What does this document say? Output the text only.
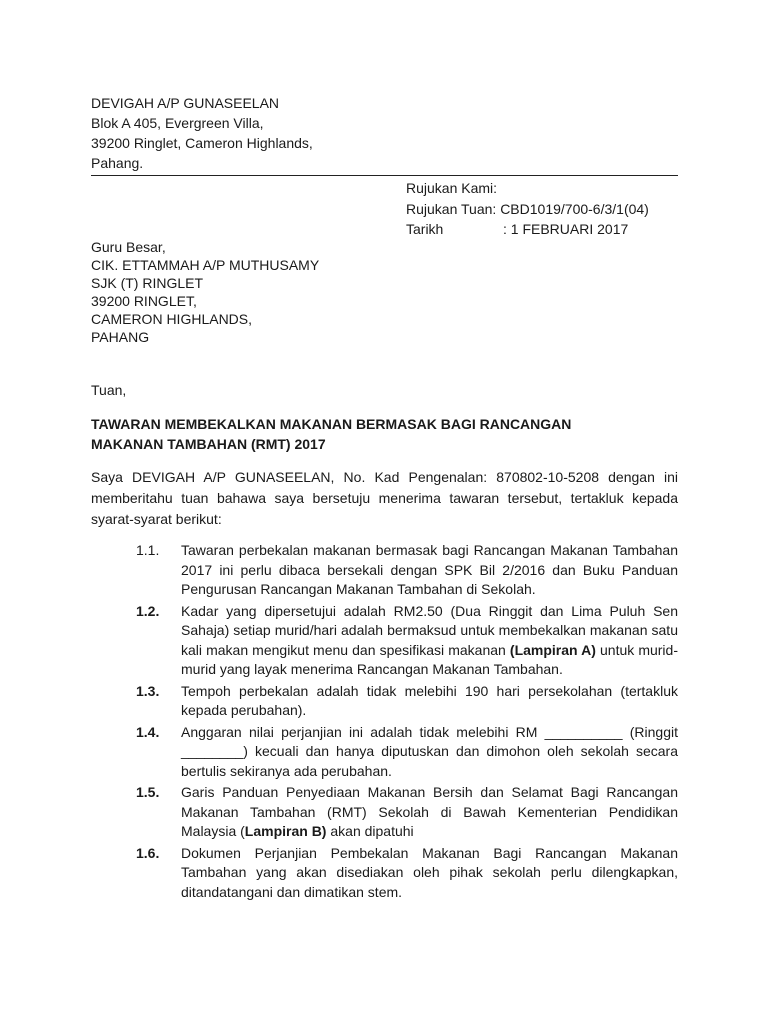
DEVIGAH A/P GUNASEELAN
Blok A 405, Evergreen Villa,
39200 Ringlet, Cameron Highlands,
Pahang.
Rujukan Kami:
Rujukan Tuan: CBD1019/700-6/3/1(04)
Tarikh	: 1 FEBRUARI 2017
Guru Besar,
CIK. ETTAMMAH A/P MUTHUSAMY
SJK (T) RINGLET
39200 RINGLET,
CAMERON HIGHLANDS,
PAHANG
Tuan,
TAWARAN MEMBEKALKAN MAKANAN BERMASAK BAGI RANCANGAN
MAKANAN TAMBAHAN (RMT) 2017
Saya DEVIGAH A/P GUNASEELAN, No. Kad Pengenalan: 870802-10-5208 dengan ini memberitahu tuan bahawa saya bersetuju menerima tawaran tersebut, tertakluk kepada syarat-syarat berikut:
1.1. Tawaran perbekalan makanan bermasak bagi Rancangan Makanan Tambahan 2017 ini perlu dibaca bersekali dengan SPK Bil 2/2016 dan Buku Panduan Pengurusan Rancangan Makanan Tambahan di Sekolah.
1.2. Kadar yang dipersetujui adalah RM2.50 (Dua Ringgit dan Lima Puluh Sen Sahaja) setiap murid/hari adalah bermaksud untuk membekalkan makanan satu kali makan mengikut menu dan spesifikasi makanan (Lampiran A) untuk murid-murid yang layak menerima Rancangan Makanan Tambahan.
1.3. Tempoh perbekalan adalah tidak melebihi 190 hari persekolahan (tertakluk kepada perubahan).
1.4. Anggaran nilai perjanjian ini adalah tidak melebihi RM __________ (Ringgit ________) kecuali dan hanya diputuskan dan dimohon oleh sekolah secara bertulis sekiranya ada perubahan.
1.5. Garis Panduan Penyediaan Makanan Bersih dan Selamat Bagi Rancangan Makanan Tambahan (RMT) Sekolah di Bawah Kementerian Pendidikan Malaysia (Lampiran B) akan dipatuhi
1.6. Dokumen Perjanjian Pembekalan Makanan Bagi Rancangan Makanan Tambahan yang akan disediakan oleh pihak sekolah perlu dilengkapkan, ditandatangani dan dimatikan stem.
